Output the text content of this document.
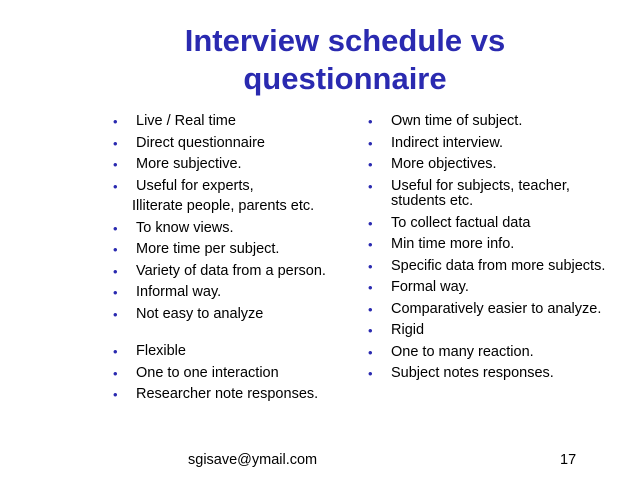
Interview schedule vs
questionnaire
• Live / Real time
• Direct questionnaire
• More subjective.
• Useful for experts,
Illiterate people, parents etc.
• To know views.
• More time per subject.
• Variety of data from a person.
• Informal way.
• Not easy to analyze
• Flexible
• One to one interaction
• Researcher note responses.
• Own time of subject.
• Indirect interview.
• More objectives.
• Useful for subjects, teacher, students etc.
• To collect factual data
• Min time more info.
• Specific data from more subjects.
• Formal way.
• Comparatively easier to analyze.
• Rigid
• One to many reaction.
• Subject notes responses.
sgisave@ymail.com	17
